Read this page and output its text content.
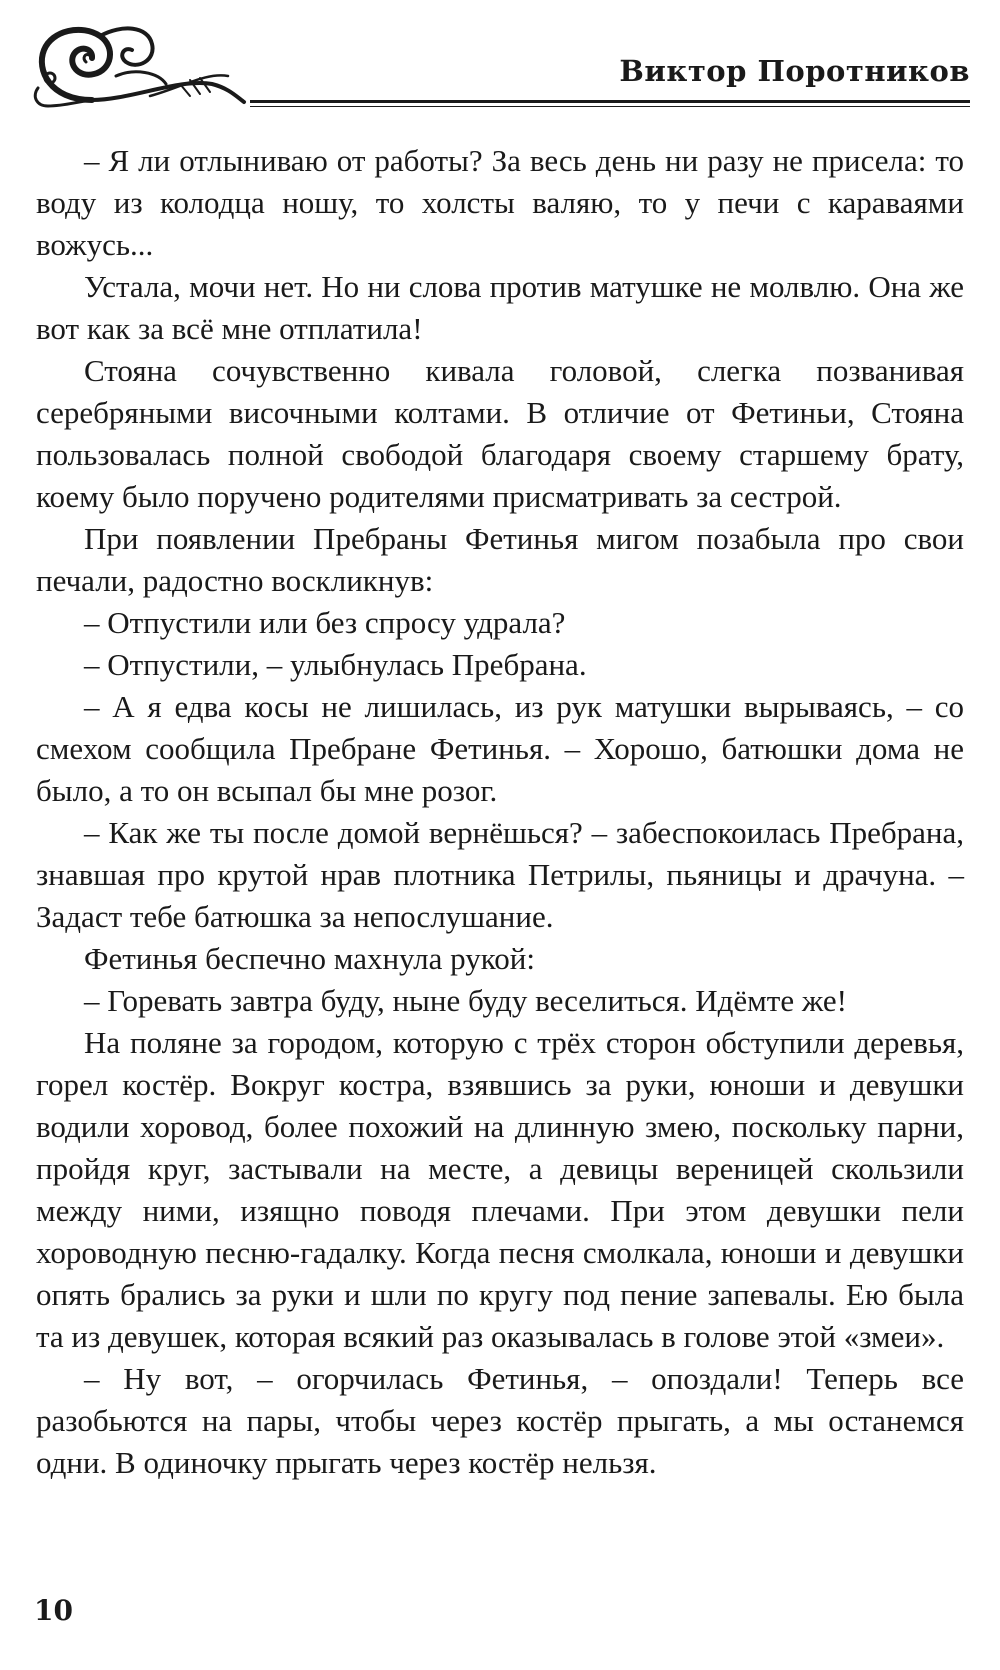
Виктор Поротников

– Я ли отлыниваю от работы? За весь день ни разу не присела: то воду из колодца ношу, то холсты валяю, то у печи с караваями вожусь...

Устала, мочи нет. Но ни слова против матушке не молвлю. Она же вот как за всё мне отплатила!

Стояна сочувственно кивала головой, слегка позванивая серебряными височными колтами. В отличие от Фетиньи, Стояна пользовалась полной свободой благодаря своему старшему брату, коему было поручено родителями присматривать за сестрой.

При появлении Пребраны Фетинья мигом позабыла про свои печали, радостно воскликнув:

– Отпустили или без спросу удрала?

– Отпустили, – улыбнулась Пребрана.

– А я едва косы не лишилась, из рук матушки вырываясь, – со смехом сообщила Пребране Фетинья. – Хорошо, батюшки дома не было, а то он всыпал бы мне розог.

– Как же ты после домой вернёшься? – забеспокоилась Пребрана, знавшая про крутой нрав плотника Петрилы, пьяницы и драчуна. – Задаст тебе батюшка за непослушание.

Фетинья беспечно махнула рукой:

– Горевать завтра буду, ныне буду веселиться. Идёмте же!

На поляне за городом, которую с трёх сторон обступили деревья, горел костёр. Вокруг костра, взявшись за руки, юноши и девушки водили хоровод, более похожий на длинную змею, поскольку парни, пройдя круг, застывали на месте, а девицы вереницей скользили между ними, изящно поводя плечами. При этом девушки пели хороводную песню-гадалку. Когда песня смолкала, юноши и девушки опять брались за руки и шли по кругу под пение запевалы. Ею была та из девушек, которая всякий раз оказывалась в голове этой «змеи».

– Ну вот, – огорчилась Фетинья, – опоздали! Теперь все разобьются на пары, чтобы через костёр прыгать, а мы останемся одни. В одиночку прыгать через костёр нельзя.

10
